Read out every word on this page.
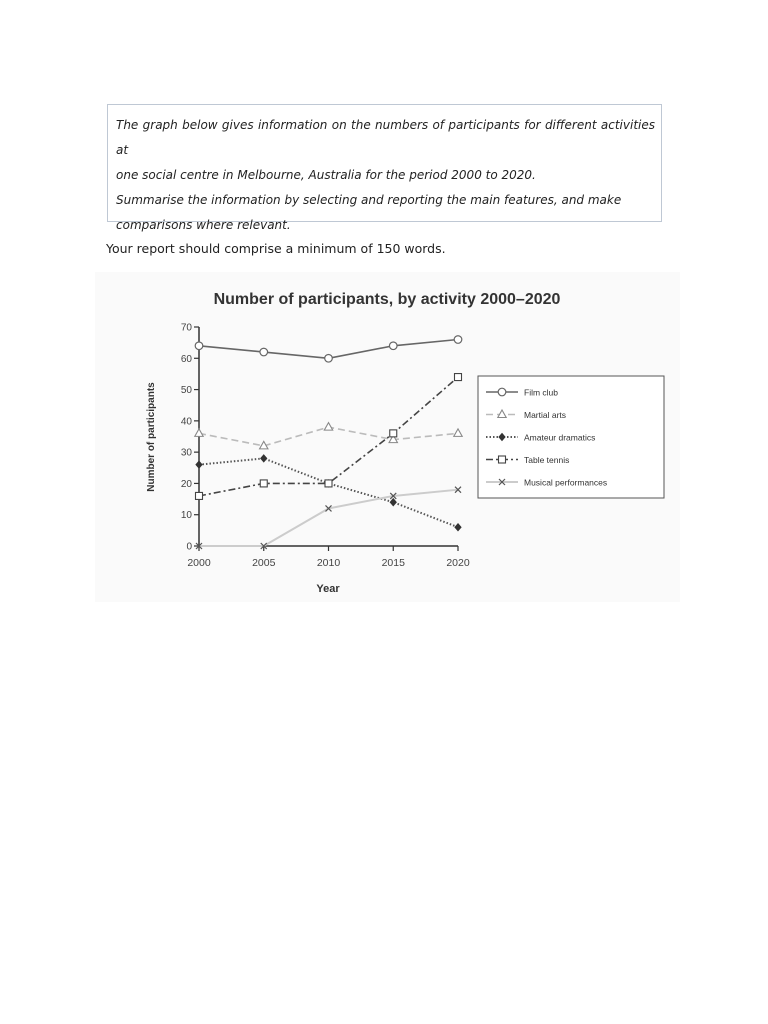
The graph below gives information on the numbers of participants for different activities at

one social centre in Melbourne, Australia for the period 2000 to 2020.

Summarise the information by selecting and reporting the main features, and make

comparisons where relevant.

Your report should comprise a minimum of 150 words.
Number of participants, by activity 2000–2020
Number of participants
Year
0
10
20
30
40
50
60
70
2000	2005	2010	2015	2020
Film club
Martial arts
Amateur dramatics
Table tennis
Musical performances
